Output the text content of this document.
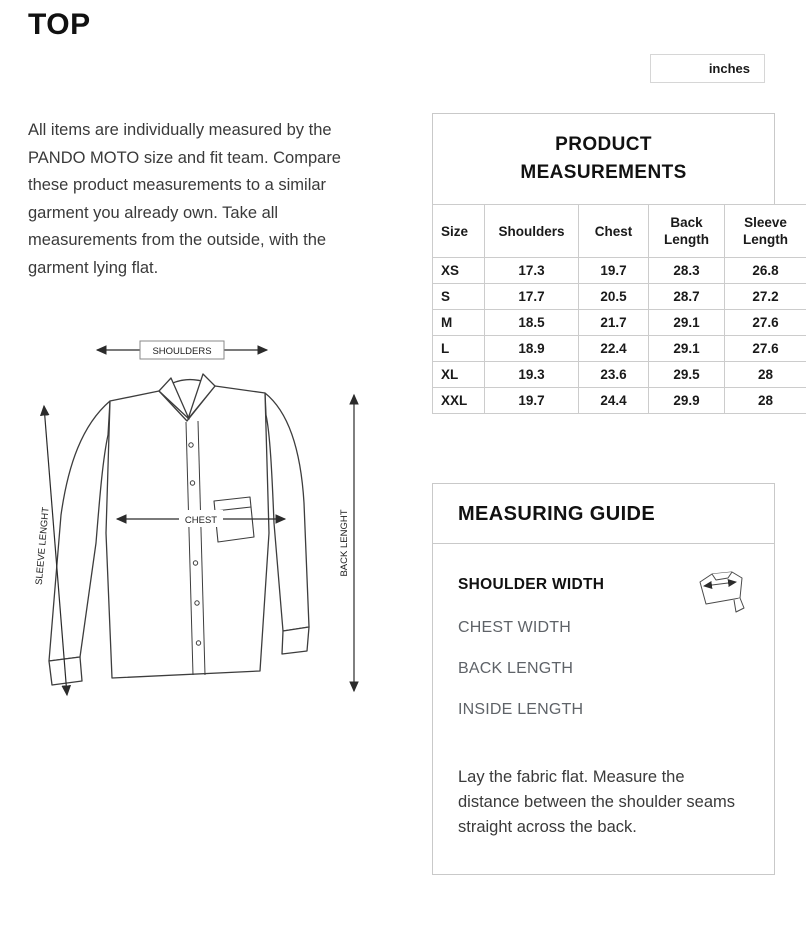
TOP
inches

All items are individually measured by the PANDO MOTO size and fit team. Compare these product measurements to a similar garment you already own. Take all measurements from the outside, with the garment lying flat.

SHOULDERS
CHEST	BACK LENGHT
SLEEVE LENGHT
PRODUCT MEASUREMENTS
Size	Shoulders	Chest	Back Length	Sleeve Length
XS	17.3	19.7	28.3	26.8
S	17.7	20.5	28.7	27.2
M	18.5	21.7	29.1	27.6
L	18.9	22.4	29.1	27.6
XL	19.3	23.6	29.5	28
XXL	19.7	24.4	29.9	28
MEASURING GUIDE
SHOULDER WIDTH
CHEST WIDTH
BACK LENGTH
INSIDE LENGTH

Lay the fabric flat. Measure the distance between the shoulder seams straight across the back.
